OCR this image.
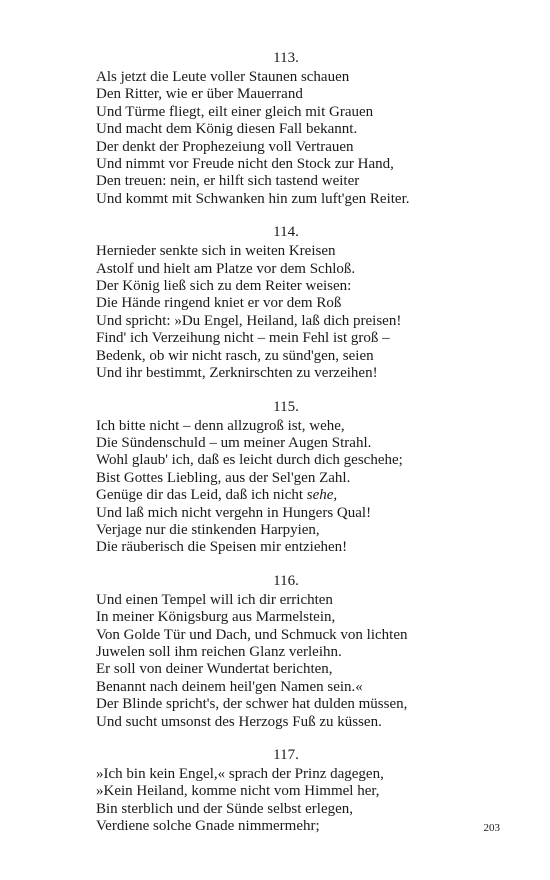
113.
Als jetzt die Leute voller Staunen schauen
Den Ritter, wie er über Mauerrand
Und Türme fliegt, eilt einer gleich mit Grauen
Und macht dem König diesen Fall bekannt.
Der denkt der Prophezeiung voll Vertrauen
Und nimmt vor Freude nicht den Stock zur Hand,
Den treuen: nein, er hilft sich tastend weiter
Und kommt mit Schwanken hin zum luft'gen Reiter.
114.
Hernieder senkte sich in weiten Kreisen
Astolf und hielt am Platze vor dem Schloß.
Der König ließ sich zu dem Reiter weisen:
Die Hände ringend kniet er vor dem Roß
Und spricht: »Du Engel, Heiland, laß dich preisen!
Find' ich Verzeihung nicht – mein Fehl ist groß –
Bedenk, ob wir nicht rasch, zu sünd'gen, seien
Und ihr bestimmt, Zerknirschten zu verzeihen!
115.
Ich bitte nicht – denn allzugroß ist, wehe,
Die Sündenschuld – um meiner Augen Strahl.
Wohl glaub' ich, daß es leicht durch dich geschehe;
Bist Gottes Liebling, aus der Sel'gen Zahl.
Genüge dir das Leid, daß ich nicht sehe,
Und laß mich nicht vergehn in Hungers Qual!
Verjage nur die stinkenden Harpyien,
Die räuberisch die Speisen mir entziehen!
116.
Und einen Tempel will ich dir errichten
In meiner Königsburg aus Marmelstein,
Von Golde Tür und Dach, und Schmuck von lichten
Juwelen soll ihm reichen Glanz verleihn.
Er soll von deiner Wundertat berichten,
Benannt nach deinem heil'gen Namen sein.«
Der Blinde spricht's, der schwer hat dulden müssen,
Und sucht umsonst des Herzogs Fuß zu küssen.
117.
»Ich bin kein Engel,« sprach der Prinz dagegen,
»Kein Heiland, komme nicht vom Himmel her,
Bin sterblich und der Sünde selbst erlegen,
Verdiene solche Gnade nimmermehr;	203
